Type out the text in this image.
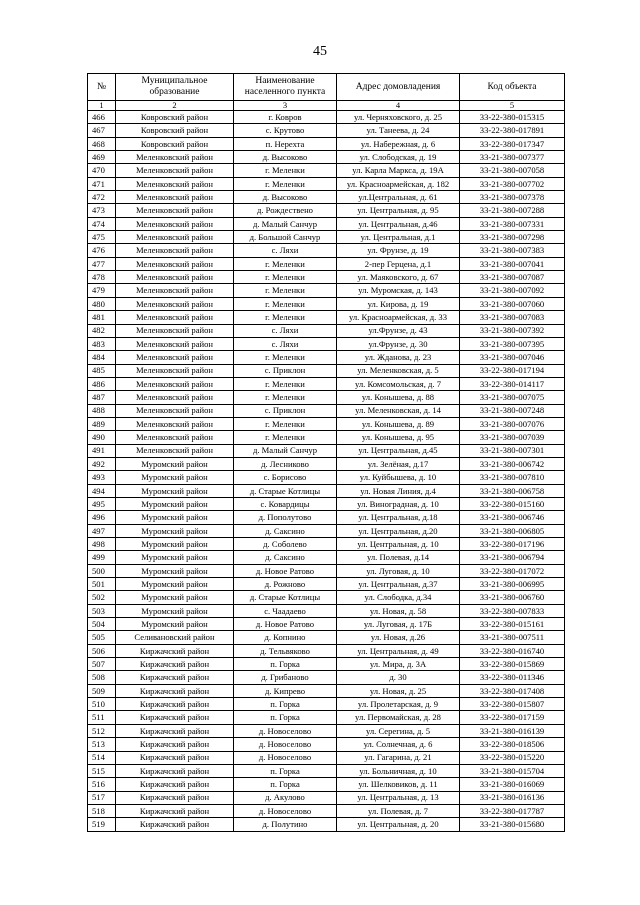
45
№	Муниципальное образование	Наименование населенного пункта	Адрес домовладения	Код объекта
1	2	3	4	5
466	Ковровский район	г. Ковров	ул. Черняховского, д. 25	33-22-380-015315
467	Ковровский район	с. Крутово	ул. Танеева, д. 24	33-22-380-017891
468	Ковровский район	п. Нерехта	ул. Набережная, д. 6	33-22-380-017347
469	Меленковский район	д. Высоково	ул. Слободская, д. 19	33-21-380-007377
470	Меленковский район	г. Меленки	ул. Карла Маркса, д. 19А	33-21-380-007058
471	Меленковский район	г. Меленки	ул. Красноармейская, д. 182	33-21-380-007702
472	Меленковский район	д. Высоково	ул.Центральная, д. 61	33-21-380-007378
473	Меленковский район	д. Рождествено	ул. Центральная, д. 95	33-21-380-007288
474	Меленковский район	д. Малый Санчур	ул. Центральная, д.46	33-21-380-007331
475	Меленковский район	д. Большой Санчур	ул. Центральная, д.1	33-21-380-007298
476	Меленковский район	с. Ляхи	ул. Фрунзе, д. 19	33-21-380-007383
477	Меленковский район	г. Меленки	2-пер Герцена, д.1	33-21-380-007041
478	Меленковский район	г. Меленки	ул. Маяковского, д. 67	33-21-380-007087
479	Меленковский район	г. Меленки	ул. Муромская, д. 143	33-21-380-007092
480	Меленковский район	г. Меленки	ул. Кирова, д. 19	33-21-380-007060
481	Меленковский район	г. Меленки	ул. Красноармейская, д. 33	33-21-380-007083
482	Меленковский район	с. Ляхи	ул.Фрунзе, д. 43	33-21-380-007392
483	Меленковский район	с. Ляхи	ул.Фрунзе, д. 30	33-21-380-007395
484	Меленковский район	г. Меленки	ул. Жданова, д. 23	33-21-380-007046
485	Меленковский район	с. Приклон	ул. Меленковская, д. 5	33-22-380-017194
486	Меленковский район	г. Меленки	ул. Комсомольская, д. 7	33-22-380-014117
487	Меленковский район	г. Меленки	ул. Конышева, д. 88	33-21-380-007075
488	Меленковский район	с. Приклон	ул. Меленковская, д. 14	33-21-380-007248
489	Меленковский район	г. Меленки	ул. Конышева, д. 89	33-21-380-007076
490	Меленковский район	г. Меленки	ул. Конышева, д. 95	33-21-380-007039
491	Меленковский район	д. Малый Санчур	ул. Центральная, д.45	33-21-380-007301
492	Муромский район	д. Лесниково	ул. Зелёная, д.17	33-21-380-006742
493	Муромский район	с. Борисово	ул. Куйбышева, д. 10	33-21-380-007810
494	Муромский район	д. Старые Котлицы	ул. Новая Линия, д.4	33-21-380-006758
495	Муромский район	с. Ковардицы	ул. Виноградная, д. 10	33-22-380-015160
496	Муромский район	д. Пополутово	ул. Центральная, д.18	33-21-380-006746
497	Муромский район	д. Саксино	ул. Центральная, д.20	33-21-380-006805
498	Муромский район	д. Соболево	ул. Центральная, д. 10	33-22-380-017196
499	Муромский район	д. Саксино	ул. Полевая, д.14	33-21-380-006794
500	Муромский район	д. Новое Ратово	ул. Луговая, д. 10	33-22-380-017072
501	Муромский район	д. Рожново	ул. Центральная, д.37	33-21-380-006995
502	Муромский район	д. Старые Котлицы	ул. Слободка, д.34	33-21-380-006760
503	Муромский район	с. Чаадаево	ул. Новая, д. 58	33-22-380-007833
504	Муромский район	д. Новое Ратово	ул. Луговая, д. 17Б	33-22-380-015161
505	Селивановский район	д. Копнино	ул. Новая, д.26	33-21-380-007511
506	Киржачский район	д. Тельвяково	ул. Центральная, д. 49	33-22-380-016740
507	Киржачский район	п. Горка	ул. Мира, д. 3А	33-22-380-015869
508	Киржачский район	д. Грибаново	д. 30	33-22-380-011346
509	Киржачский район	д. Кипрево	ул. Новая, д. 25	33-22-380-017408
510	Киржачский район	п. Горка	ул. Пролетарская, д. 9	33-22-380-015807
511	Киржачский район	п. Горка	ул. Первомайская, д. 28	33-22-380-017159
512	Киржачский район	д. Новоселово	ул. Серегина, д. 5	33-21-380-016139
513	Киржачский район	д. Новоселово	ул. Солнечная, д. 6	33-22-380-018506
514	Киржачский район	д. Новоселово	ул. Гагарина, д. 21	33-22-380-015220
515	Киржачский район	п. Горка	ул. Больничная, д. 10	33-21-380-015704
516	Киржачский район	п. Горка	ул. Шелковиков, д. 11	33-21-380-016069
517	Киржачский район	д. Акулово	ул. Центральная, д. 13	33-21-380-016136
518	Киржачский район	д. Новоселово	ул. Полевая, д. 7	33-22-380-017787
519	Киржачский район	д. Полутино	ул. Центральная, д. 20	33-21-380-015680
